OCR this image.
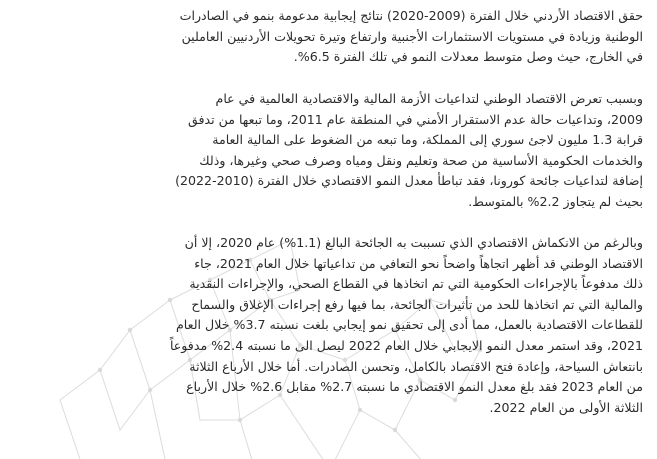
حقق الاقتصاد الأردني خلال الفترة (2009-2020) نتائج إيجابية مدعومة بنمو في الصادرات
الوطنية وزيادة في مستويات الاستثمارات الأجنبية وارتفاع وتيرة تحويلات الأردنيين العاملين
في الخارج، حيث وصل متوسط معدلات النمو في تلك الفترة 6.5%.

وبسبب تعرض الاقتصاد الوطني لتداعيات الأزمة المالية والاقتصادية العالمية في عام
2009، وتداعيات حالة عدم الاستقرار الأمني في المنطقة عام 2011، وما تبعها من تدفق
قرابة 1.3 مليون لاجئ سوري إلى المملكة، وما تبعه من الضغوط على المالية العامة
والخدمات الحكومية الأساسية من صحة وتعليم ونقل ومياه وصرف صحي وغيرها، وذلك
إضافة لتداعيات جائحة كورونا، فقد تباطأ معدل النمو الاقتصادي خلال الفترة (2010-2022)
بحيث لم يتجاوز 2.2% بالمتوسط.

وبالرغم من الانكماش الاقتصادي الذي تسببت به الجائحة البالغ (1.1%) عام 2020، إلا أن
الاقتصاد الوطني قد أظهر اتجاهاً واضحاً نحو التعافي من تداعياتها خلال العام 2021، جاء
ذلك مدفوعاً بالإجراءات الحكومية التي تم اتخاذها في القطاع الصحي، والإجراءات النقدية
والمالية التي تم اتخاذها للحد من تأثيرات الجائحة، بما فيها رفع إجراءات الإغلاق والسماح
للقطاعات الاقتصادية بالعمل، مما أدى إلى تحقيق نمو إيجابي بلغت نسبته 3.7% خلال العام
2021، وقد استمر معدل النمو الايجابي خلال العام 2022 ليصل الى ما نسبته 2.4% مدفوعاً
بانتعاش السياحة، وإعادة فتح الاقتصاد بالكامل، وتحسن الصادرات. أما خلال الأرباع الثلاثة
من العام 2023 فقد بلغ معدل النمو الاقتصادي ما نسبته 2.7% مقابل 2.6% خلال الأرباع
الثلاثة الأولى من العام 2022.
